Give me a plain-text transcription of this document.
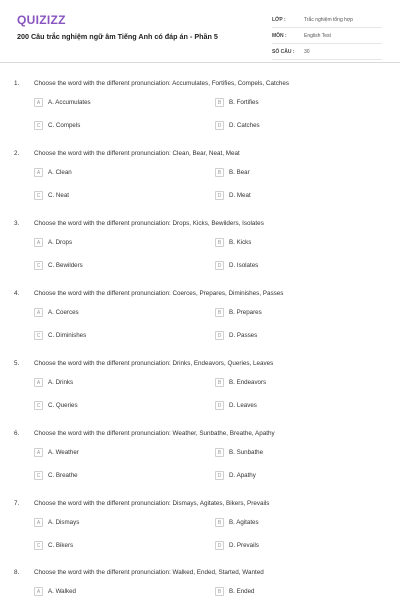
QUIZIZZ
200 Câu trắc nghiệm ngữ âm Tiếng Anh có đáp án - Phần 5
LỚP :	Trắc nghiệm tổng hợp
MÔN :	English Test
SỐ CÂU :	30
1. Choose the word with the different pronunciation: Accumulates, Fortifies, Compels, Catches
A	A. Accumulates	B	B. Fortifies
C	C. Compels	D	D. Catches
2. Choose the word with the different pronunciation: Clean, Bear, Neat, Meat
A	A. Clean	B	B. Bear
C	C. Neat	D	D. Meat
3. Choose the word with the different pronunciation: Drops, Kicks, Bewilders, Isolates
A	A. Drops	B	B. Kicks
C	C. Bewilders	D	D. Isolates
4. Choose the word with the different pronunciation: Coerces, Prepares, Diminishes, Passes
A	A. Coerces	B	B. Prepares
C	C. Diminishes	D	D. Passes
5. Choose the word with the different pronunciation: Drinks, Endeavors, Queries, Leaves
A	A. Drinks	B	B. Endeavors
C	C. Queries	D	D. Leaves
6. Choose the word with the different pronunciation: Weather, Sunbathe, Breathe, Apathy
A	A. Weather	B	B. Sunbathe
C	C. Breathe	D	D. Apathy
7. Choose the word with the different pronunciation: Dismays, Agitates, Bikers, Prevails
A	A. Dismays	B	B. Agitates
C	C. Bikers	D	D. Prevails
8. Choose the word with the different pronunciation: Walked, Ended, Started, Wanted
A	A. Walked	B	B. Ended
